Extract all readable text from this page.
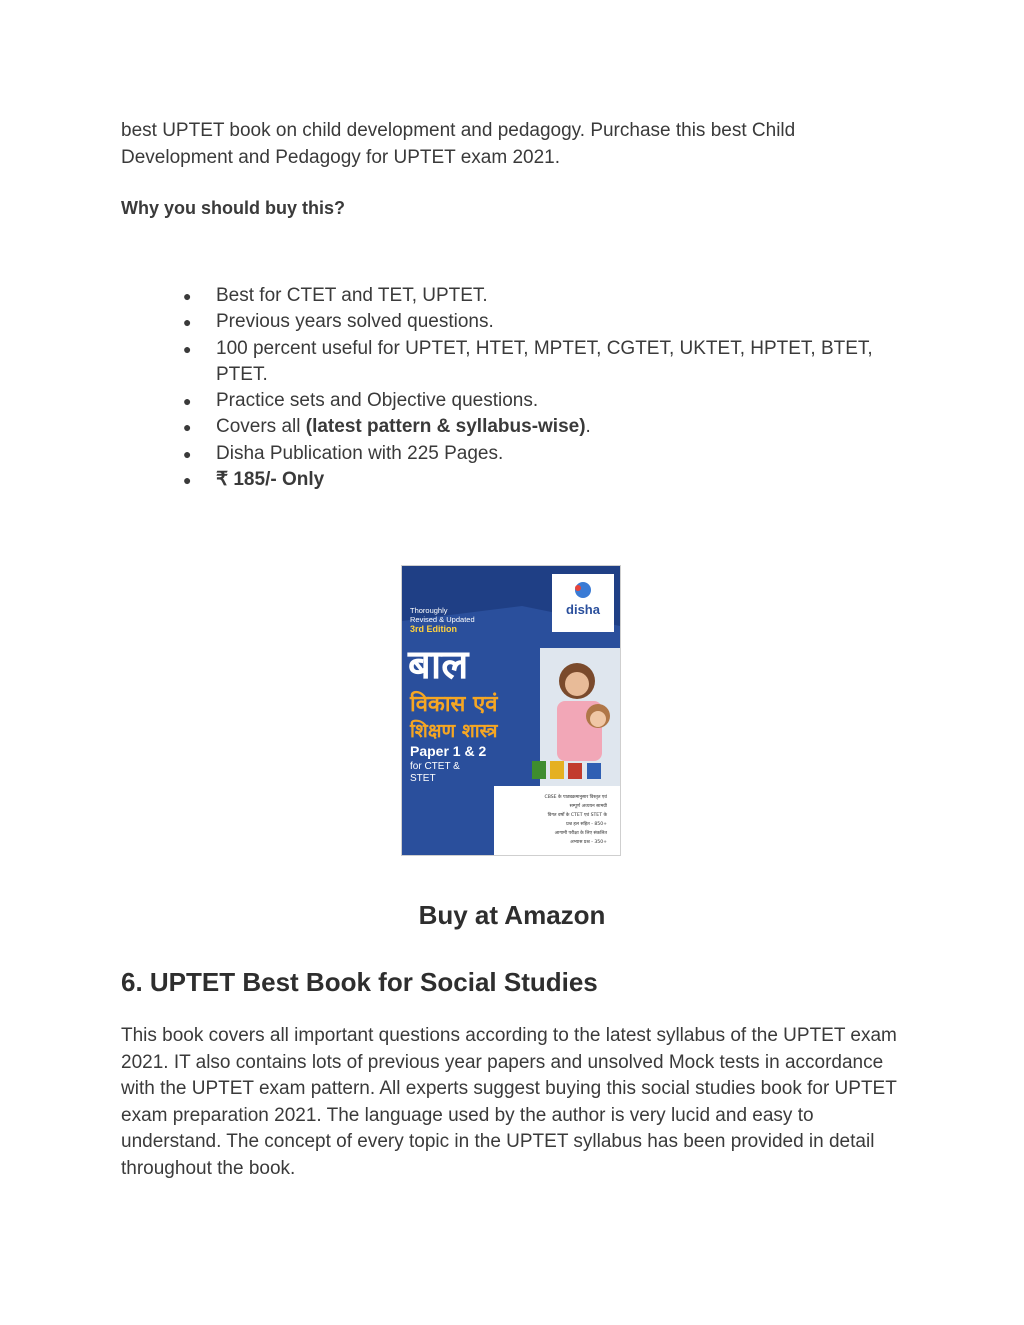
best UPTET book on child development and pedagogy. Purchase this best Child Development and Pedagogy for UPTET exam 2021.

Why you should buy this?

● Best for CTET and TET, UPTET.
● Previous years solved questions.
● 100 percent useful for UPTET, HTET, MPTET, CGTET, UKTET, HPTET, BTET, PTET.
● Practice sets and Objective questions.
● Covers all (latest pattern & syllabus-wise).
● Disha Publication with 225 Pages.
● ₹ 185/- Only
disha
Thoroughly
Revised & Updated
3rd Edition
बाल
विकास एवं
शिक्षण शास्त्र
Paper 1 & 2
for CTET &
STET
CBSE के पाठ्यक्रमानुसार विस्तृत एवं
सम्पूर्ण अध्ययन सामग्री
विगत वर्षों के CTET एवं STET के
प्रश्न हल सहित - 850+
आगामी परीक्षा के लिए संकलित
अभ्यास प्रश्न - 350+

Buy at Amazon

6. UPTET Best Book for Social Studies

This book covers all important questions according to the latest syllabus of the UPTET exam 2021. IT also contains lots of previous year papers and unsolved Mock tests in accordance with the UPTET exam pattern. All experts suggest buying this social studies book for UPTET exam preparation 2021. The language used by the author is very lucid and easy to understand. The concept of every topic in the UPTET syllabus has been provided in detail throughout the book.
